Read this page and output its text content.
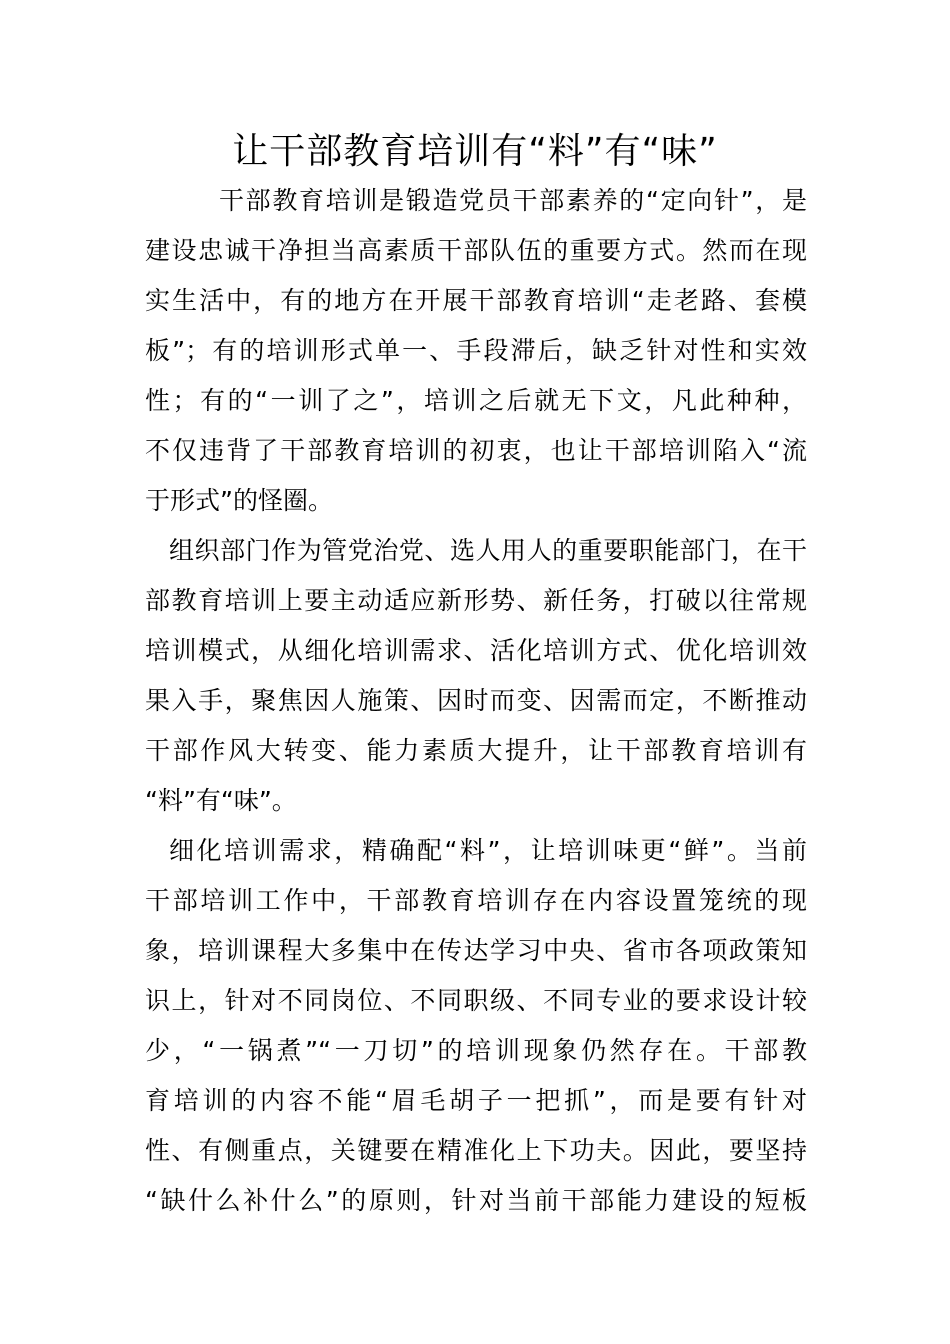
让干部教育培训有“料”有“味”
干部教育培训是锻造党员干部素养的“定向针”，是
建设忠诚干净担当高素质干部队伍的重要方式。然而在现
实生活中，有的地方在开展干部教育培训“走老路、套模
板”；有的培训形式单一、手段滞后，缺乏针对性和实效
性；有的“一训了之”，培训之后就无下文，凡此种种，
不仅违背了干部教育培训的初衷，也让干部培训陷入“流
于形式”的怪圈。
组织部门作为管党治党、选人用人的重要职能部门，在干
部教育培训上要主动适应新形势、新任务，打破以往常规
培训模式，从细化培训需求、活化培训方式、优化培训效
果入手，聚焦因人施策、因时而变、因需而定，不断推动
干部作风大转变、能力素质大提升，让干部教育培训有
“料”有“味”。
细化培训需求，精确配“料”，让培训味更“鲜”。当前
干部培训工作中，干部教育培训存在内容设置笼统的现
象，培训课程大多集中在传达学习中央、省市各项政策知
识上，针对不同岗位、不同职级、不同专业的要求设计较
少，“一锅煮”“一刀切”的培训现象仍然存在。干部教
育培训的内容不能“眉毛胡子一把抓”，而是要有针对
性、有侧重点，关键要在精准化上下功夫。因此，要坚持
“缺什么补什么”的原则，针对当前干部能力建设的短板
